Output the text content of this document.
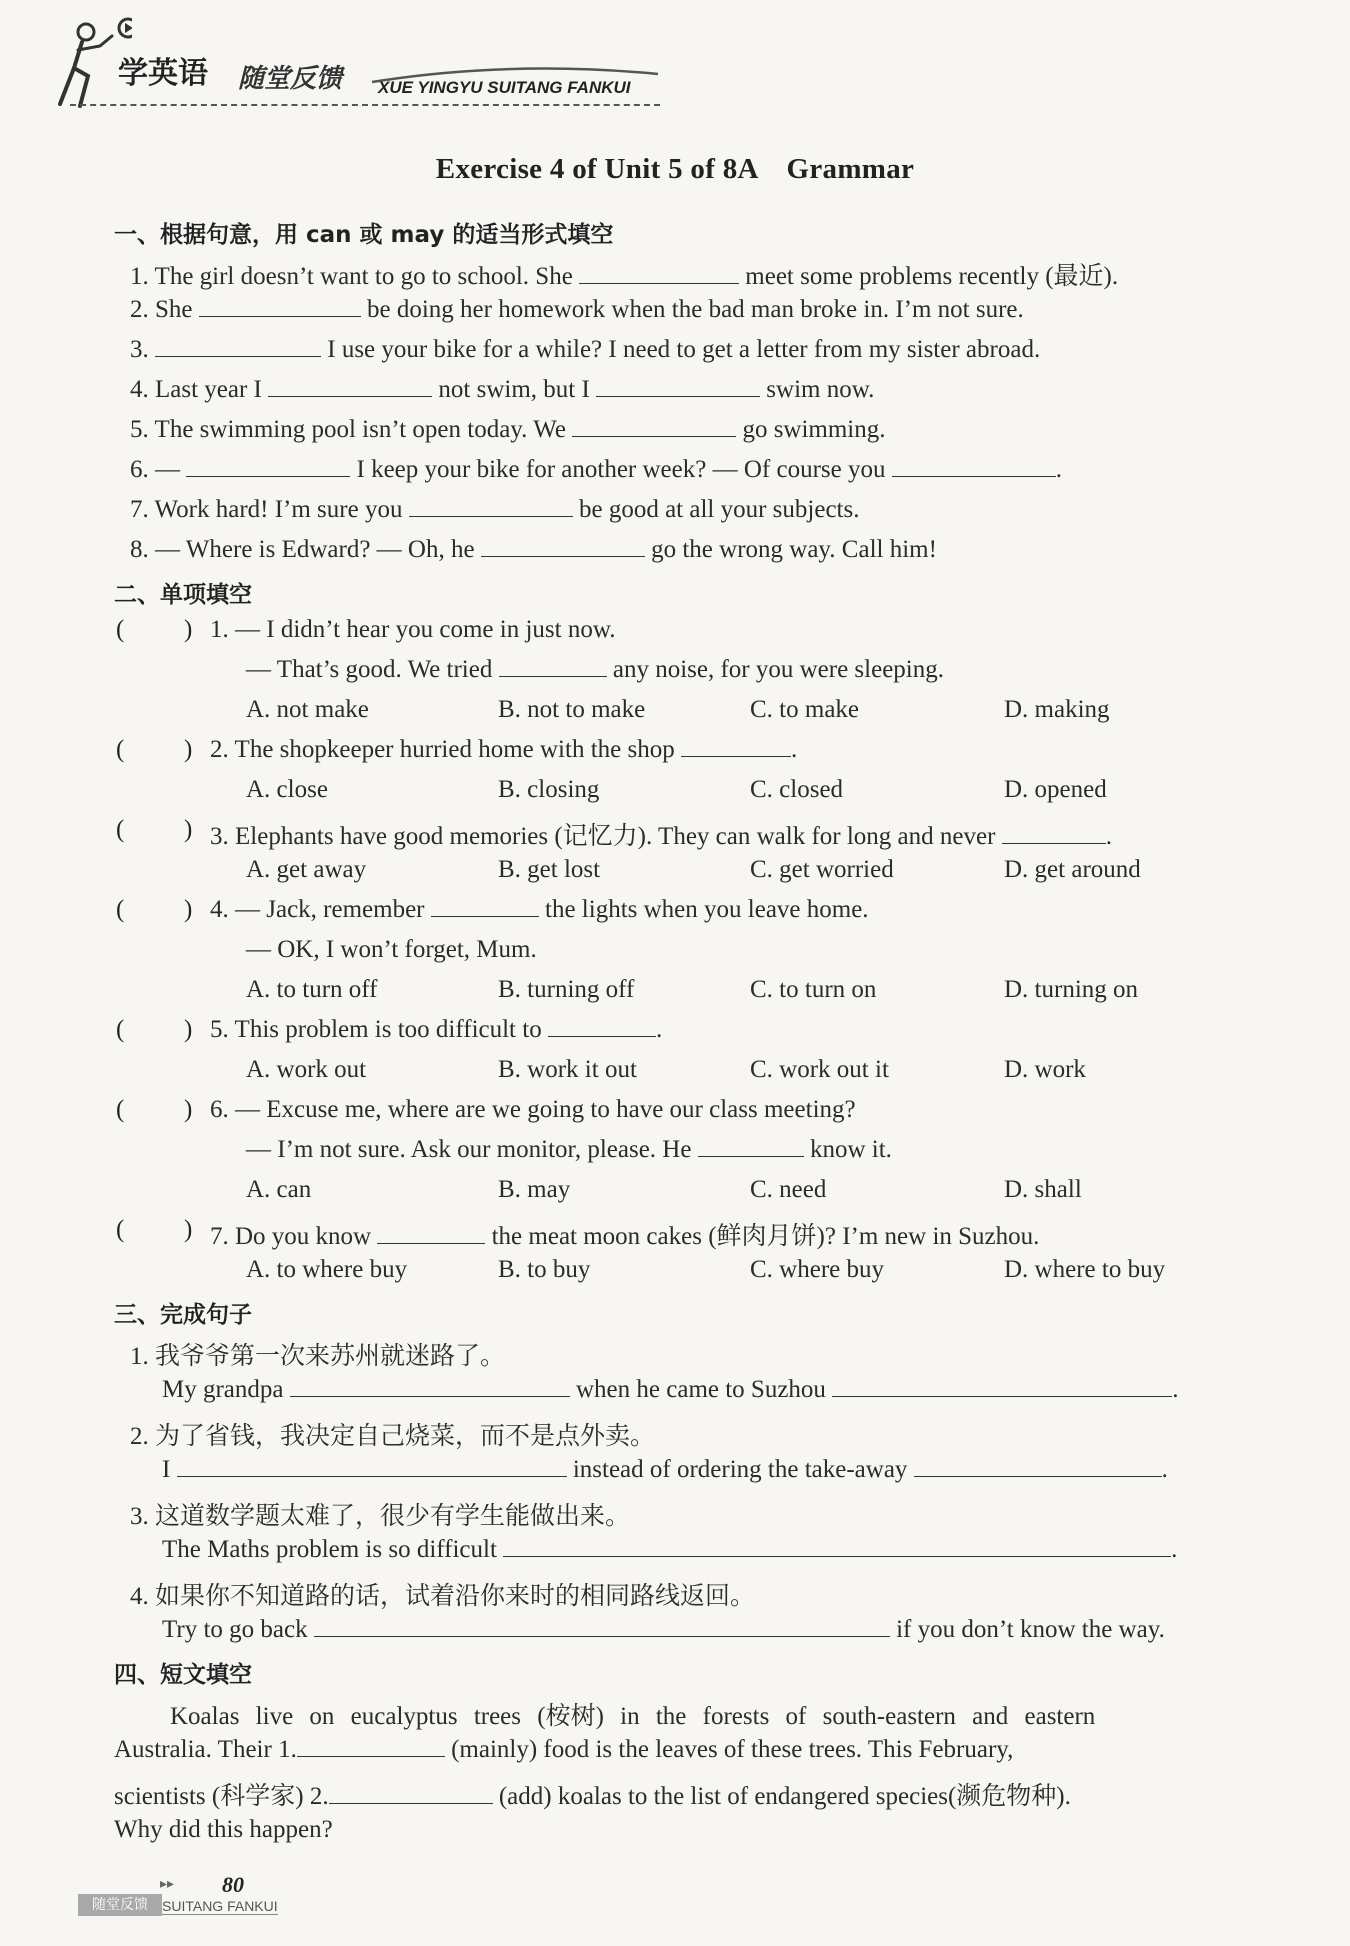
学英语 随堂反馈 XUE YINGYU SUITANG FANKUI
Exercise 4 of Unit 5 of 8A　Grammar
一、根据句意，用 can 或 may 的适当形式填空
1. The girl doesn’t want to go to school. She	meet some problems recently (最近).
2. She	be doing her homework when the bad man broke in. I’m not sure.
3.	I use your bike for a while? I need to get a letter from my sister abroad.
4. Last year I	not swim, but I	swim now.
5. The swimming pool isn’t open today. We	go swimming.
6. —	I keep your bike for another week? — Of course you	.
7. Work hard! I’m sure you	be good at all your subjects.
8. — Where is Edward? — Oh, he	go the wrong way. Call him!
二、单项填空
( ) 1. — I didn’t hear you come in just now.
— That’s good. We tried	any noise, for you were sleeping.
A. not make	B. not to make	C. to make	D. making
( ) 2. The shopkeeper hurried home with the shop	.
A. close	B. closing	C. closed	D. opened
( ) 3. Elephants have good memories (记忆力). They can walk for long and never	.
A. get away	B. get lost	C. get worried	D. get around
( ) 4. — Jack, remember	the lights when you leave home.
— OK, I won’t forget, Mum.
A. to turn off	B. turning off	C. to turn on	D. turning on
( ) 5. This problem is too difficult to	.
A. work out	B. work it out	C. work out it	D. work
( ) 6. — Excuse me, where are we going to have our class meeting?
— I’m not sure. Ask our monitor, please. He	know it.
A. can	B. may	C. need	D. shall
( ) 7. Do you know	the meat moon cakes (鲜肉月饼)? I’m new in Suzhou.
A. to where buy	B. to buy	C. where buy	D. where to buy
三、完成句子
1. 我爷爷第一次来苏州就迷路了。
My grandpa	when he came to Suzhou	.
2. 为了省钱，我决定自己烧菜，而不是点外卖。
I	instead of ordering the take-away	.
3. 这道数学题太难了，很少有学生能做出来。
The Maths problem is so difficult	.
4. 如果你不知道路的话，试着沿你来时的相同路线返回。
Try to go back	if you don’t know the way.
四、短文填空
Koalas live on eucalyptus trees (桉树) in the forests of south-eastern and eastern
Australia. Their 1.	(mainly) food is the leaves of these trees. This February,
scientists (科学家) 2.	(add) koalas to the list of endangered species(濒危物种).
Why did this happen?
▸▸ 80
随堂反馈	SUITANG FANKUI
